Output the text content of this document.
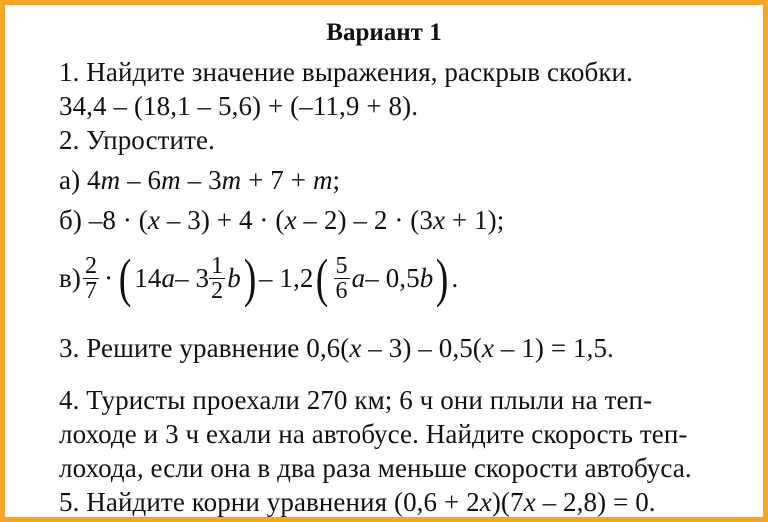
Вариант 1
1. Найдите значение выражения, раскрыв скобки.
34,4 – (18,1 – 5,6) + (–11,9 + 8).
2. Упростите.
а) 4m – 6m – 3m + 7 + m;
б) –8 · (x – 3) + 4 · (x – 2) – 2 · (3x + 1);
$в) \frac{2}{7}$ · ( 14 a – $3 \frac{1}{2}$ b ) – 1,2 ( $\frac{5}{6}$ a – 0,5 b ) .
3. Решите уравнение 0,6(x – 3) – 0,5(x – 1) = 1,5.
4. Туристы проехали 270 км; 6 ч они плыли на теп-
лоходе и 3 ч ехали на автобусе. Найдите скорость теп-
лохода, если она в два раза меньше скорости автобуса.
5. Найдите корни уравнения (0,6 + 2x)(7x – 2,8) = 0.
